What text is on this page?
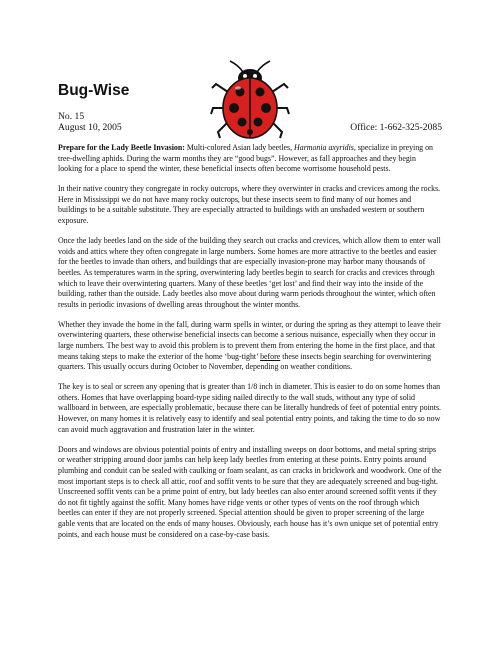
Bug-Wise
No. 15
August 10, 2005	Office: 1-662-325-2085

Prepare for the Lady Beetle Invasion: Multi-colored Asian lady beetles, Harmonia axyridis, specialize in preying on tree-dwelling aphids. During the warm months they are “good bugs”. However, as fall approaches and they begin looking for a place to spend the winter, these beneficial insects often become worrisome household pests.

In their native country they congregate in rocky outcrops, where they overwinter in cracks and crevices among the rocks. Here in Mississippi we do not have many rocky outcrops, but these insects seem to find many of our homes and buildings to be a suitable substitute. They are especially attracted to buildings with an unshaded western or southern exposure.

Once the lady beetles land on the side of the building they search out cracks and crevices, which allow them to enter wall voids and attics where they often congregate in large numbers. Some homes are more attractive to the beetles and easier for the beetles to invade than others, and buildings that are especially invasion-prone may harbor many thousands of beetles. As temperatures warm in the spring, overwintering lady beetles begin to search for cracks and crevices through which to leave their overwintering quarters. Many of these beetles ‘get lost’ and find their way into the inside of the building, rather than the outside. Lady beetles also move about during warm periods throughout the winter, which often results in periodic invasions of dwelling areas throughout the winter months.

Whether they invade the home in the fall, during warm spells in winter, or during the spring as they attempt to leave their overwintering quarters, these otherwise beneficial insects can become a serious nuisance, especially when they occur in large numbers. The best way to avoid this problem is to prevent them from entering the home in the first place, and that means taking steps to make the exterior of the home ‘bug-tight’ before these insects begin searching for overwintering quarters. This usually occurs during October to November, depending on weather conditions.

The key is to seal or screen any opening that is greater than 1/8 inch in diameter. This is easier to do on some homes than others. Homes that have overlapping board-type siding nailed directly to the wall studs, without any type of solid wallboard in between, are especially problematic, because there can be literally hundreds of feet of potential entry points. However, on many homes it is relatively easy to identify and seal potential entry points, and taking the time to do so now can avoid much aggravation and frustration later in the winter.

Doors and windows are obvious potential points of entry and installing sweeps on door bottoms, and metal spring strips or weather stripping around door jambs can help keep lady beetles from entering at these points. Entry points around plumbing and conduit can be sealed with caulking or foam sealant, as can cracks in brickwork and woodwork. One of the most important steps is to check all attic, roof and soffit vents to be sure that they are adequately screened and bug-tight. Unscreened soffit vents can be a prime point of entry, but lady beetles can also enter around screened soffit vents if they do not fit tightly against the soffit. Many homes have ridge vents or other types of vents on the roof through which beetles can enter if they are not properly screened. Special attention should be given to proper screening of the large gable vents that are located on the ends of many houses. Obviously, each house has it’s own unique set of potential entry points, and each house must be considered on a case-by-case basis.
